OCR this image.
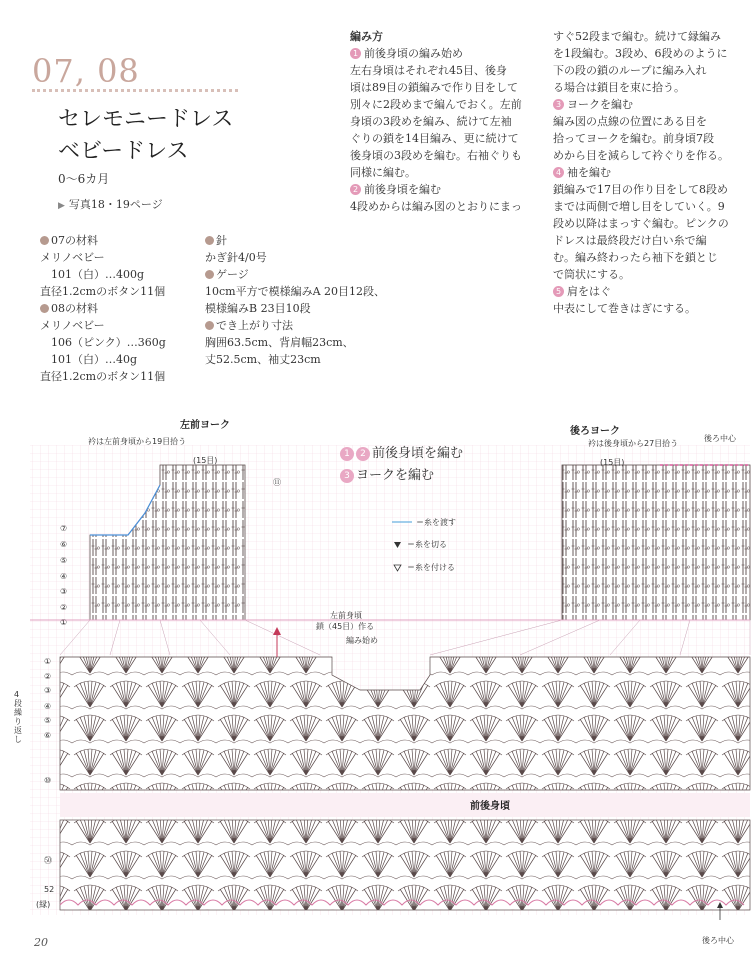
07, 08
セレモニードレス
ベビードレス
0～6カ月
▶ 写真18・19ページ
07の材料
メリノベビー
　101（白）…400g
直径1.2cmのボタン11個
08の材料
メリノベビー
　106（ピンク）…360g
　101（白）…40g
直径1.2cmのボタン11個
針
かぎ針4/0号
ゲージ
10cm平方で模様編みA 20目12段、
模様編みB 23目10段
でき上がり寸法
胸囲63.5cm、背肩幅23cm、
丈52.5cm、袖丈23cm
編み方
1 前後身頃の編み始め
左右身頃はそれぞれ45目、後身
頃は89目の鎖編みで作り目をして
別々に2段めまで編んでおく。左前
身頃の3段めを編み、続けて左袖
ぐりの鎖を14目編み、更に続けて
後身頃の3段めを編む。右袖ぐりも
同様に編む。
2 前後身頃を編む
4段めからは編み図のとおりにまっ
すぐ52段まで編む。続けて縁編み
を1段編む。3段め、6段めのように
下の段の鎖のループに編み入れ
る場合は鎖目を束に拾う。
3 ヨークを編む
編み図の点線の位置にある目を
拾ってヨークを編む。前身頃7段
めから目を減らして衿ぐりを作る。
4 袖を編む
鎖編みで17目の作り目をして8段め
までは両側で増し目をしていく。9
段め以降はまっすぐ編む。ピンクの
ドレスは最終段だけ白い糸で編
む。編み終わったら袖下を鎖とじ
で筒状にする。
5 肩をはぐ
中表にして巻きはぎにする。
左前ヨーク
衿は左前身頃から19目拾う
(15目)
後ろヨーク
衿は後身頃から27目拾う
後ろ中心
(15目)
1 2 前後身頃を編む
3 ヨークを編む
＝糸を渡す
＝糸を切る
＝糸を付ける
左前身頃
鎖（45目）作る
編み始め
4段繰り返し
前後身頃
後ろ中心
①
②
③
④
⑤
⑥
⑦
⑪
①
②
③
④
⑤
⑥
⑩
㊿
52
(縁)
20
